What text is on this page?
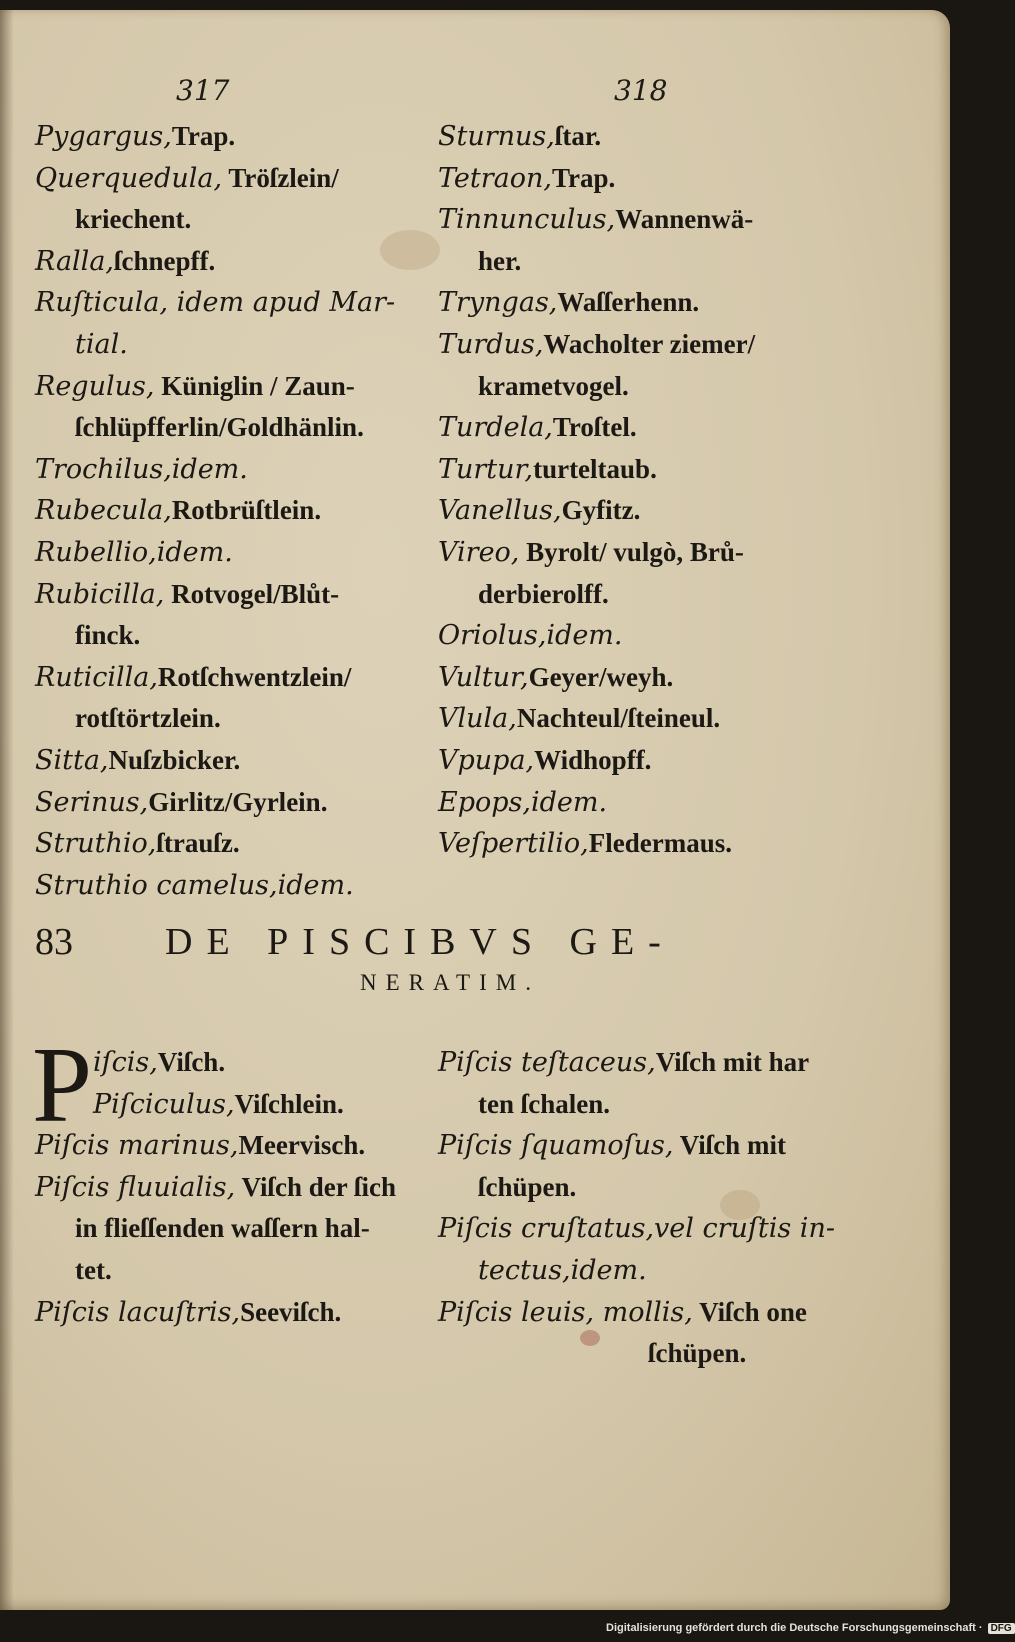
317	318
Pygargus,Trap.
Querquedula, Tröſzlein/
kriechent.
Ralla,ſchnepff.
Ruſticula, idem apud Mar-
tial.
Regulus, Küniglin / Zaun-
ſchlüpfferlin/Goldhänlin.
Trochilus,idem.
Rubecula,Rotbrüſtlein.
Rubellio,idem.
Rubicilla, Rotvogel/Blůt-
finck.
Ruticilla,Rotſchwentzlein/
rotſtörtzlein.
Sitta,Nuſzbicker.
Serinus,Girlitz/Gyrlein.
Struthio,ſtrauſz.
Struthio camelus,idem.
Sturnus,ſtar.
Tetraon,Trap.
Tinnunculus,Wannenwä-
her.
Tryngas,Waſſerhenn.
Turdus,Wacholter ziemer/
krametvogel.
Turdela,Troſtel.
Turtur,turteltaub.
Vanellus,Gyfitz.
Vireo, Byrolt/ vulgò, Brů-
derbierolff.
Oriolus,idem.
Vultur,Geyer/weyh.
Vlula,Nachteul/ſteineul.
Vpupa,Widhopff.
Epops,idem.
Veſpertilio,Fledermaus.
83 DE PISCIBVS GE-
NERATIM.
P iſcis,Viſch.
Piſciculus,Viſchlein.
Piſcis marinus,Meervisch.
Piſcis fluuialis, Viſch der ſich
in flieſſenden waſſern hal-
tet.
Piſcis lacuſtris,Seeviſch.
Piſcis teſtaceus,Viſch mit har
ten ſchalen.
Piſcis ſquamoſus, Viſch mit
ſchüpen.
Piſcis cruſtatus,vel cruſtis in-
tectus,idem.
Piſcis leuis, mollis, Viſch one
ſchüpen.
Digitalisierung gefördert durch die Deutsche Forschungsgemeinschaft · DFG
